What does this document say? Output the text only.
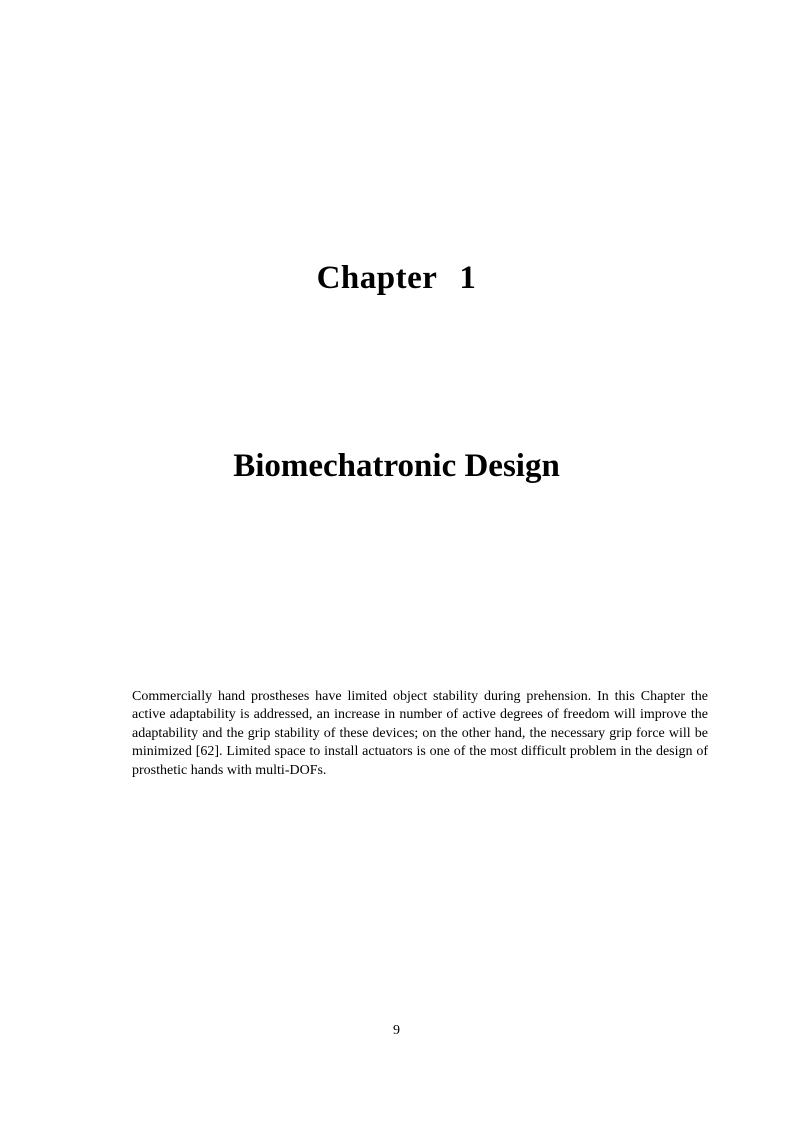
Chapter 1
Biomechatronic Design

Commercially hand prostheses have limited object stability during prehension. In this Chapter the active adaptability is addressed, an increase in number of active degrees of freedom will improve the adaptability and the grip stability of these devices; on the other hand, the necessary grip force will be minimized [62]. Limited space to install actuators is one of the most difficult problem in the design of prosthetic hands with multi-DOFs.

9
